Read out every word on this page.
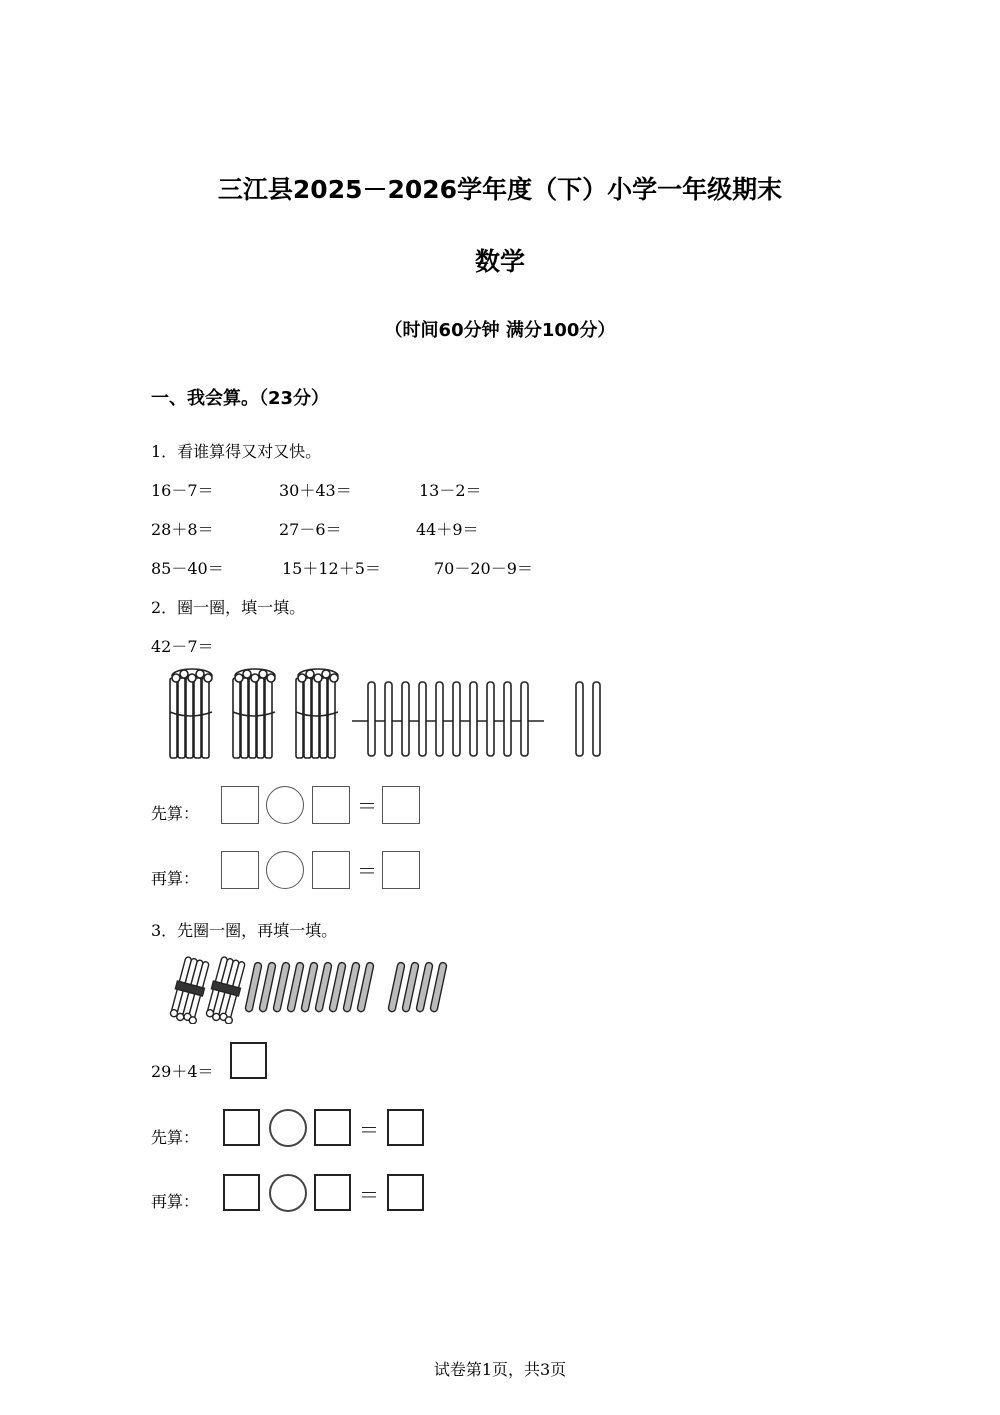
三江县2025－2026学年度（下）小学一年级期末
数学
（时间60分钟 满分100分）
一、我会算。（23分）
1．看谁算得又对又快。
16－7＝	30＋43＝	13－2＝
28＋8＝	27－6＝	44＋9＝
85－40＝	15＋12＋5＝	70－20－9＝
2．圈一圈，填一填。
42－7＝
先算：	＝
再算：	＝
3．先圈一圈，再填一填。
29＋4＝
先算：	＝
再算：	＝
试卷第1页，共3页
